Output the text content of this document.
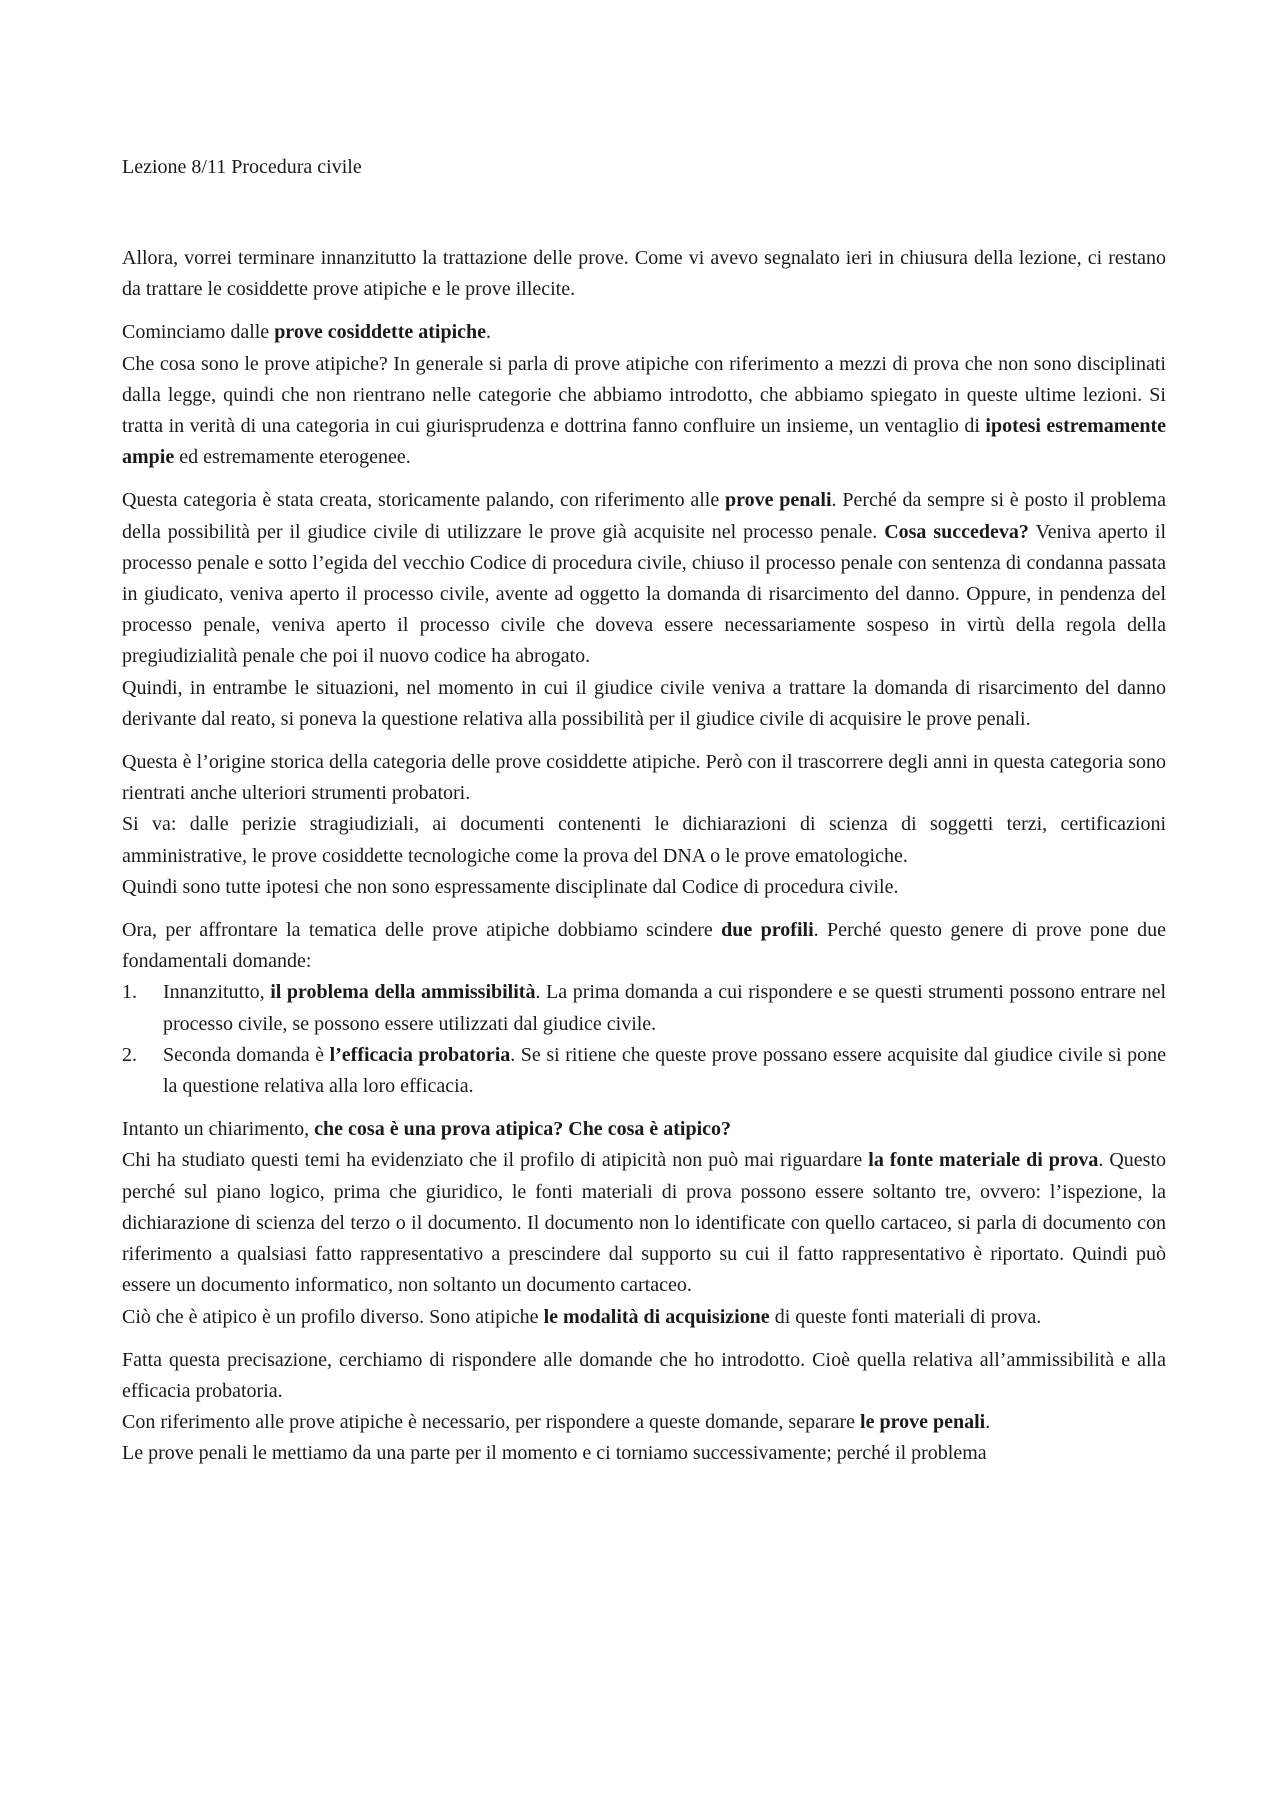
Lezione 8/11 Procedura civile

Allora, vorrei terminare innanzitutto la trattazione delle prove. Come vi avevo segnalato ieri in chiusura della lezione, ci restano da trattare le cosiddette prove atipiche e le prove illecite.

Cominciamo dalle prove cosiddette atipiche.

Che cosa sono le prove atipiche? In generale si parla di prove atipiche con riferimento a mezzi di prova che non sono disciplinati dalla legge, quindi che non rientrano nelle categorie che abbiamo introdotto, che abbiamo spiegato in queste ultime lezioni. Si tratta in verità di una categoria in cui giurisprudenza e dottrina fanno confluire un insieme, un ventaglio di ipotesi estremamente ampie ed estremamente eterogenee.

Questa categoria è stata creata, storicamente palando, con riferimento alle prove penali. Perché da sempre si è posto il problema della possibilità per il giudice civile di utilizzare le prove già acquisite nel processo penale. Cosa succedeva? Veniva aperto il processo penale e sotto l’egida del vecchio Codice di procedura civile, chiuso il processo penale con sentenza di condanna passata in giudicato, veniva aperto il processo civile, avente ad oggetto la domanda di risarcimento del danno. Oppure, in pendenza del processo penale, veniva aperto il processo civile che doveva essere necessariamente sospeso in virtù della regola della pregiudizialità penale che poi il nuovo codice ha abrogato.

Quindi, in entrambe le situazioni, nel momento in cui il giudice civile veniva a trattare la domanda di risarcimento del danno derivante dal reato, si poneva la questione relativa alla possibilità per il giudice civile di acquisire le prove penali.

Questa è l’origine storica della categoria delle prove cosiddette atipiche. Però con il trascorrere degli anni in questa categoria sono rientrati anche ulteriori strumenti probatori.

Si va: dalle perizie stragiudiziali, ai documenti contenenti le dichiarazioni di scienza di soggetti terzi, certificazioni amministrative, le prove cosiddette tecnologiche come la prova del DNA o le prove ematologiche.

Quindi sono tutte ipotesi che non sono espressamente disciplinate dal Codice di procedura civile.

Ora, per affrontare la tematica delle prove atipiche dobbiamo scindere due profili. Perché questo genere di prove pone due fondamentali domande:

1. Innanzitutto, il problema della ammissibilità. La prima domanda a cui rispondere e se questi strumenti possono entrare nel processo civile, se possono essere utilizzati dal giudice civile.
2. Seconda domanda è l’efficacia probatoria. Se si ritiene che queste prove possano essere acquisite dal giudice civile si pone la questione relativa alla loro efficacia.

Intanto un chiarimento, che cosa è una prova atipica? Che cosa è atipico?

Chi ha studiato questi temi ha evidenziato che il profilo di atipicità non può mai riguardare la fonte materiale di prova. Questo perché sul piano logico, prima che giuridico, le fonti materiali di prova possono essere soltanto tre, ovvero: l’ispezione, la dichiarazione di scienza del terzo o il documento. Il documento non lo identificate con quello cartaceo, si parla di documento con riferimento a qualsiasi fatto rappresentativo a prescindere dal supporto su cui il fatto rappresentativo è riportato. Quindi può essere un documento informatico, non soltanto un documento cartaceo.

Ciò che è atipico è un profilo diverso. Sono atipiche le modalità di acquisizione di queste fonti materiali di prova.

Fatta questa precisazione, cerchiamo di rispondere alle domande che ho introdotto. Cioè quella relativa all’ammissibilità e alla efficacia probatoria.

Con riferimento alle prove atipiche è necessario, per rispondere a queste domande, separare le prove penali.

Le prove penali le mettiamo da una parte per il momento e ci torniamo successivamente; perché il problema
